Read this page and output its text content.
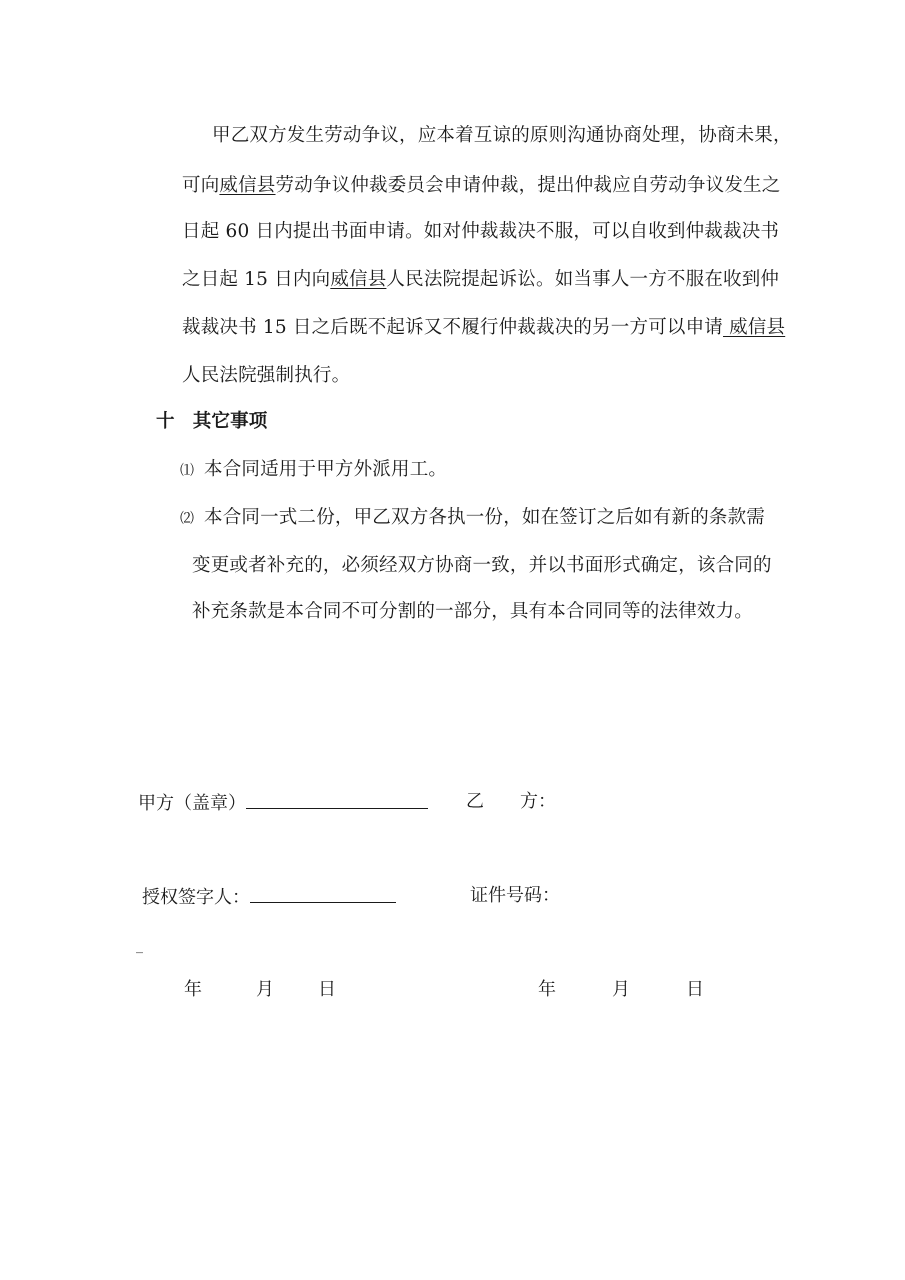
甲乙双方发生劳动争议，应本着互谅的原则沟通协商处理，协商未果，
可向威信县劳动争议仲裁委员会申请仲裁，提出仲裁应自劳动争议发生之
日起 60 日内提出书面申请。如对仲裁裁决不服，可以自收到仲裁裁决书
之日起 15 日内向威信县人民法院提起诉讼。如当事人一方不服在收到仲
裁裁决书 15 日之后既不起诉又不履行仲裁裁决的另一方可以申请 威信县
人民法院强制执行。
十 其它事项
⑴ 本合同适用于甲方外派用工。
⑵ 本合同一式二份，甲乙双方各执一份，如在签订之后如有新的条款需
变更或者补充的，必须经双方协商一致，并以书面形式确定，该合同的
补充条款是本合同不可分割的一部分，具有本合同同等的法律效力。
甲方（盖章）	乙　　方：
授权签字人：	证件号码：
_
年	月 日	年	月	日
